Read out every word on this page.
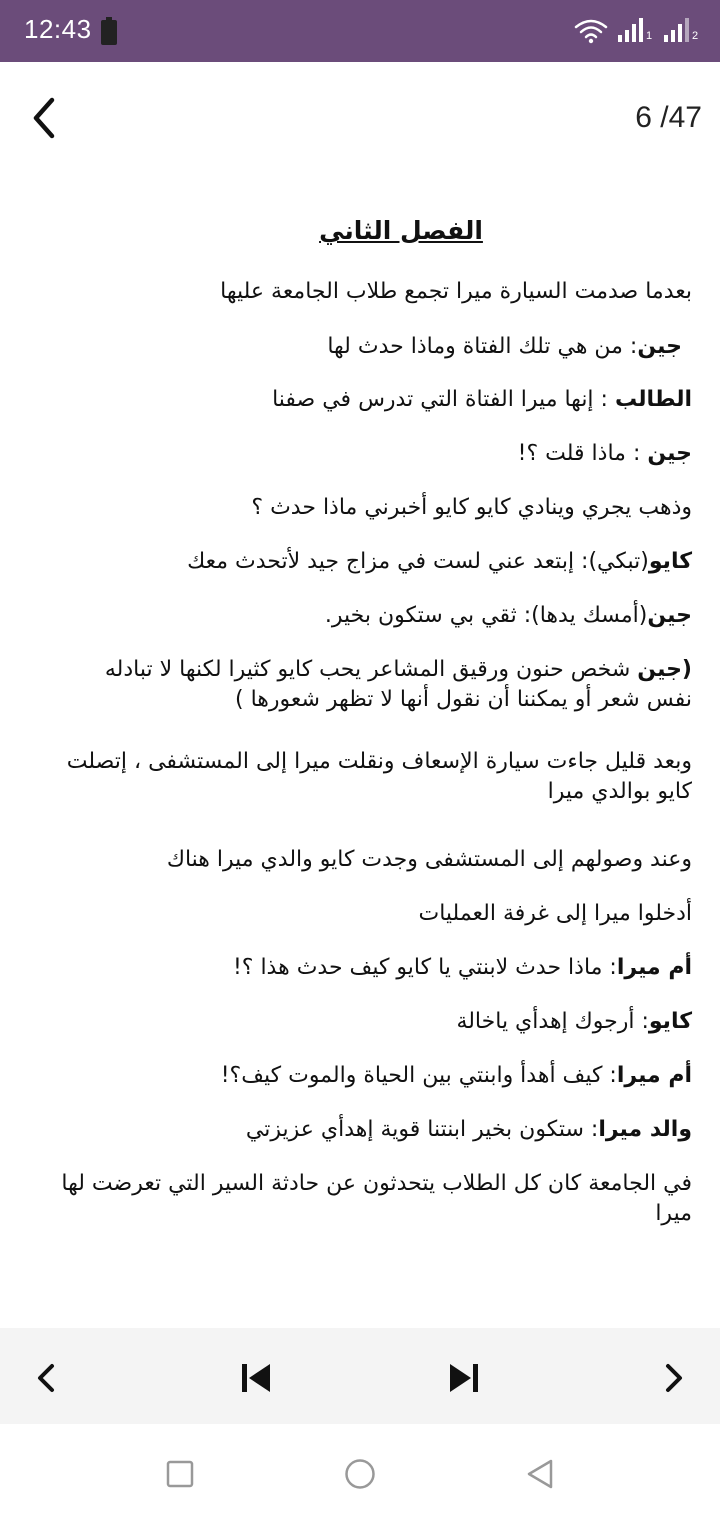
12:43	1	2
6 /47
الفصل الثاني
بعدما صدمت السيارة ميرا تجمع طلاب الجامعة عليها
جين: من هي تلك الفتاة وماذا حدث لها
الطالب : إنها ميرا الفتاة التي تدرس في صفنا
جين : ماذا قلت ؟!
وذهب يجري وينادي كايو كايو أخبرني ماذا حدث ؟
كايو(تبكي): إبتعد عني لست في مزاج جيد لأتحدث معك
جين(أمسك يدها): ثقي بي ستكون بخير.
(جين شخص حنون ورقيق المشاعر يحب كايو كثيرا لكنها لا تبادله نفس شعر أو يمكننا أن نقول أنها لا تظهر شعورها )
وبعد قليل جاءت سيارة الإسعاف ونقلت ميرا إلى المستشفى ، إتصلت كايو بوالدي ميرا
وعند وصولهم إلى المستشفى وجدت كايو والدي ميرا هناك
أدخلوا ميرا إلى غرفة العمليات
أم ميرا: ماذا حدث لابنتي يا كايو كيف حدث هذا ؟!
كايو: أرجوك إهدأي ياخالة
أم ميرا: كيف أهدأ وابنتي بين الحياة والموت كيف؟!
والد ميرا: ستكون بخير ابنتنا قوية إهدأي عزيزتي
في الجامعة كان كل الطلاب يتحدثون عن حادثة السير التي تعرضت لها ميرا
